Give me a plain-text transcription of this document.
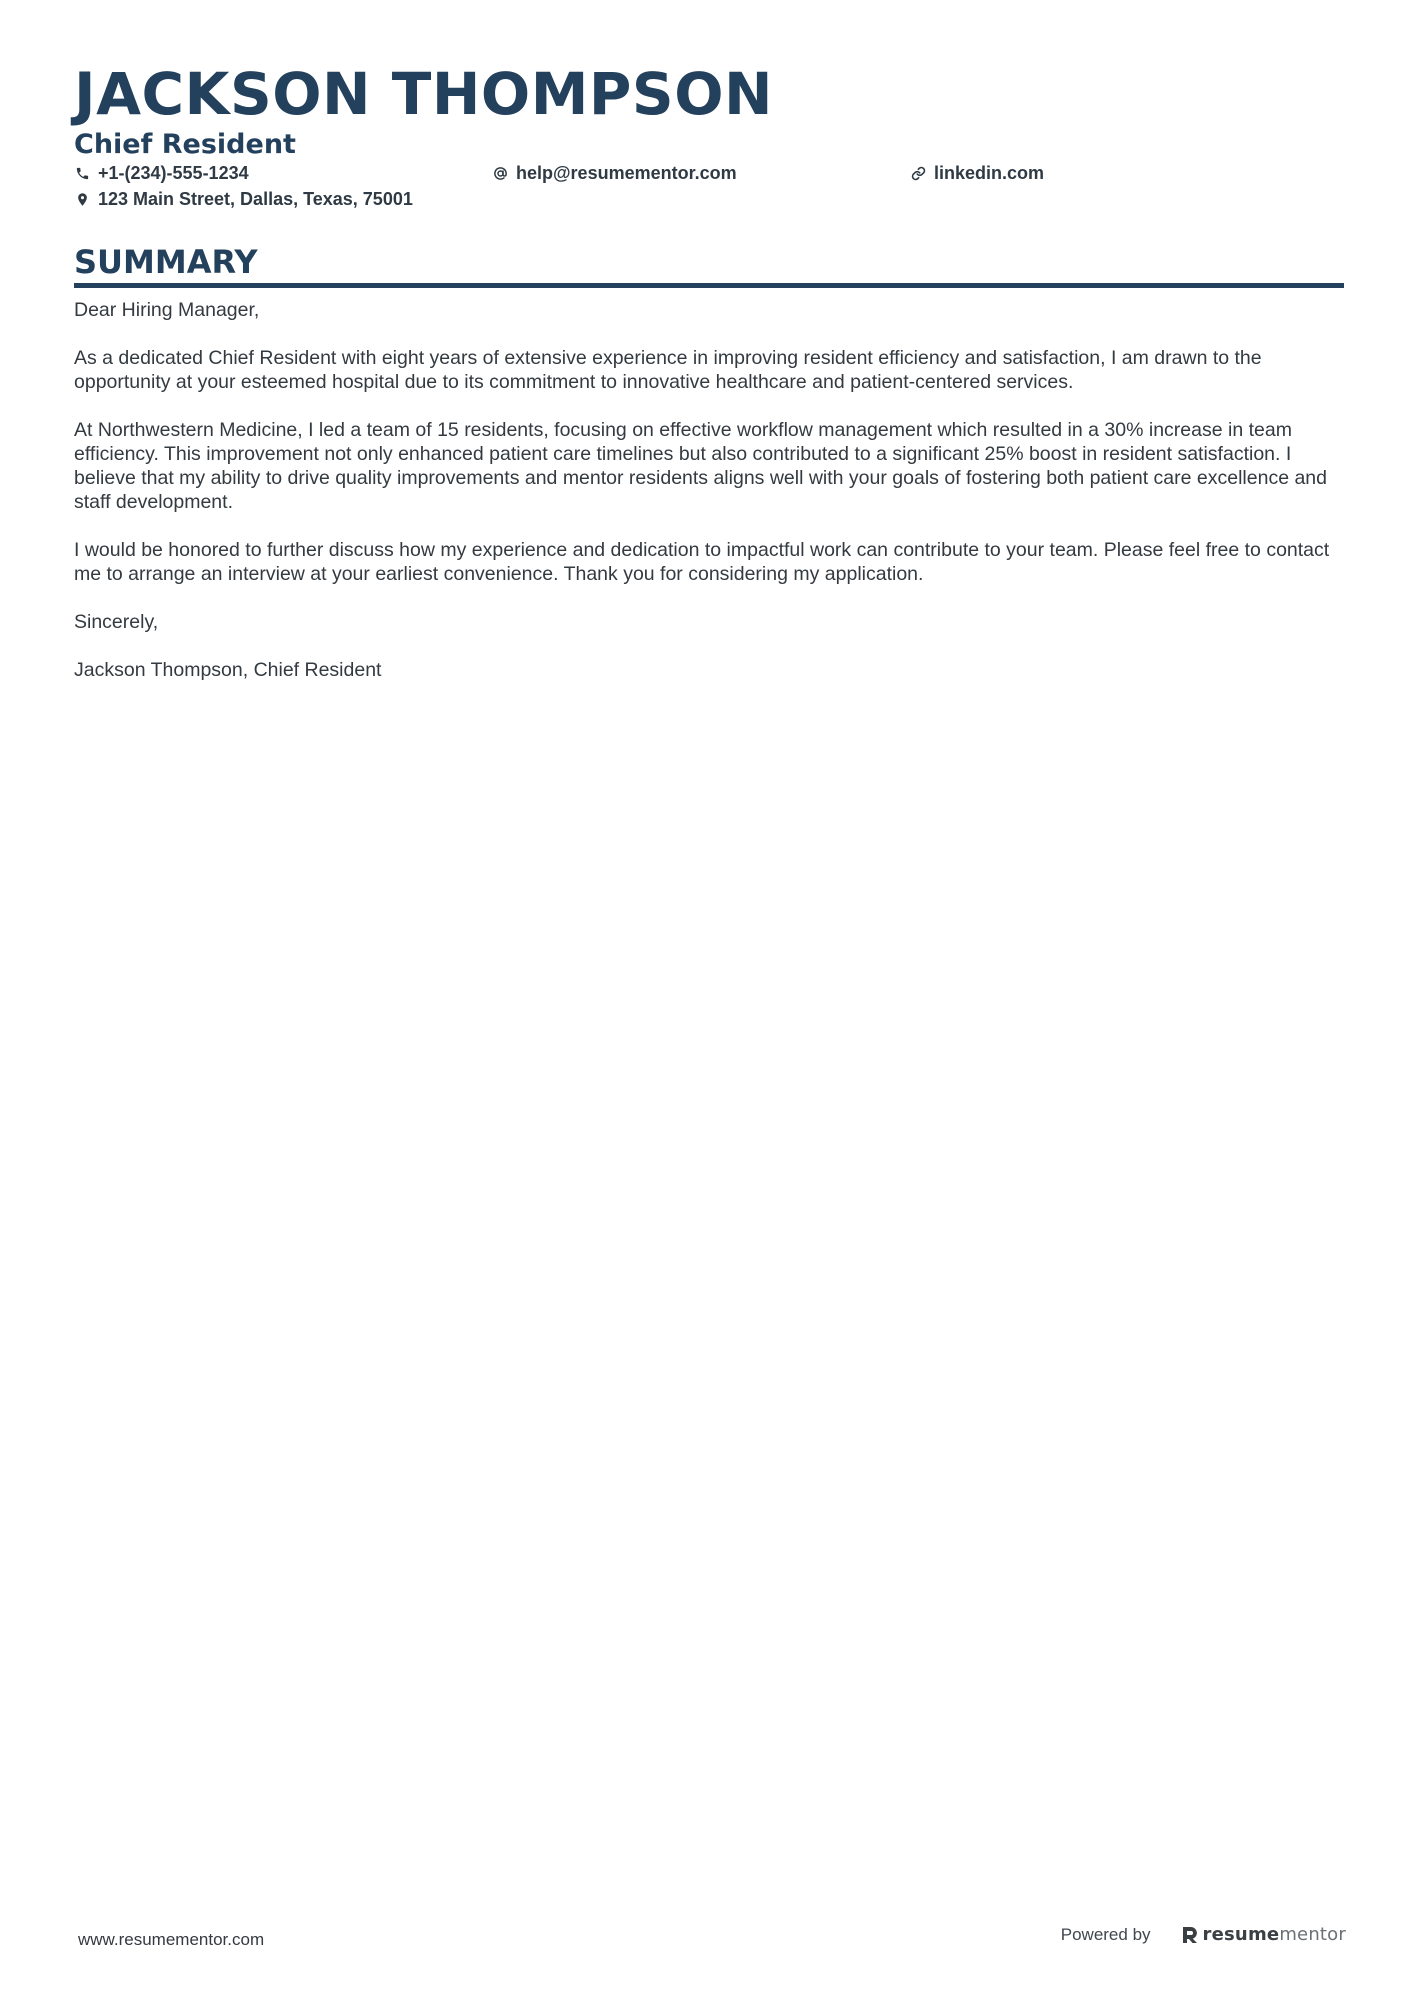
JACKSON THOMPSON
Chief Resident
+1-(234)-555-1234	help@resumementor.com	linkedin.com
123 Main Street, Dallas, Texas, 75001
SUMMARY

Dear Hiring Manager,

As a dedicated Chief Resident with eight years of extensive experience in improving resident efficiency and satisfaction, I am drawn to the opportunity at your esteemed hospital due to its commitment to innovative healthcare and patient-centered services.

At Northwestern Medicine, I led a team of 15 residents, focusing on effective workflow management which resulted in a 30% increase in team efficiency. This improvement not only enhanced patient care timelines but also contributed to a significant 25% boost in resident satisfaction. I believe that my ability to drive quality improvements and mentor residents aligns well with your goals of fostering both patient care excellence and staff development.

I would be honored to further discuss how my experience and dedication to impactful work can contribute to your team. Please feel free to contact me to arrange an interview at your earliest convenience. Thank you for considering my application.

Sincerely,

Jackson Thompson, Chief Resident

www.resumementor.com	Powered by	resumementor
